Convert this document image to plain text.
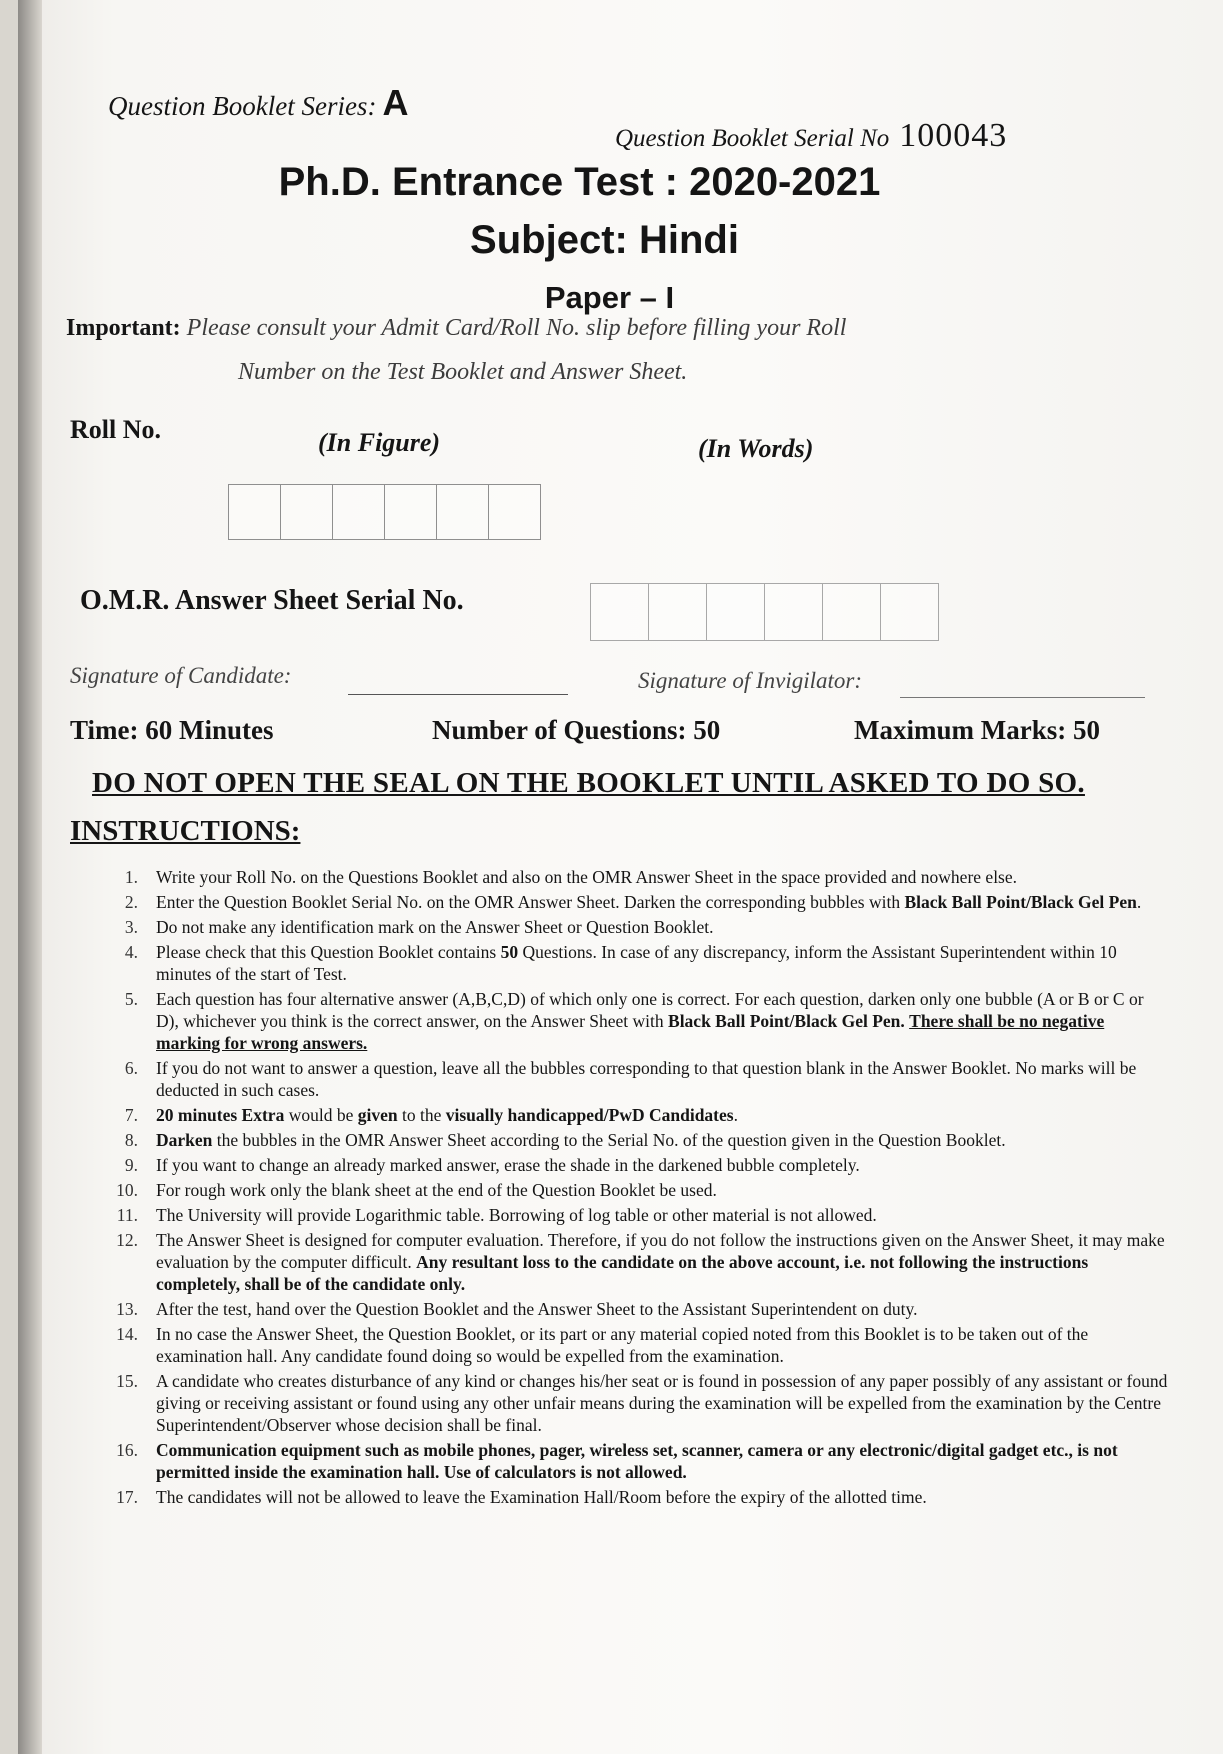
Question Booklet Series: A
Question Booklet Serial No 100043
Ph.D. Entrance Test : 2020-2021
Subject: Hindi
Paper – I
Important: Please consult your Admit Card/Roll No. slip before filling your Roll
Number on the Test Booklet and Answer Sheet.
Roll No.	(In Figure)	(In Words)
O.M.R. Answer Sheet Serial No.
Signature of Candidate:	Signature of Invigilator:
Time: 60 Minutes	Number of Questions: 50	Maximum Marks: 50
DO NOT OPEN THE SEAL ON THE BOOKLET UNTIL ASKED TO DO SO.
INSTRUCTIONS:
1. Write your Roll No. on the Questions Booklet and also on the OMR Answer Sheet in the space provided and nowhere else.
2. Enter the Question Booklet Serial No. on the OMR Answer Sheet. Darken the corresponding bubbles with Black Ball Point/Black Gel Pen.
3. Do not make any identification mark on the Answer Sheet or Question Booklet.
4. Please check that this Question Booklet contains 50 Questions. In case of any discrepancy, inform the Assistant Superintendent within 10 minutes of the start of Test.
5. Each question has four alternative answer (A,B,C,D) of which only one is correct. For each question, darken only one bubble (A or B or C or D), whichever you think is the correct answer, on the Answer Sheet with Black Ball Point/Black Gel Pen. There shall be no negative marking for wrong answers.
6. If you do not want to answer a question, leave all the bubbles corresponding to that question blank in the Answer Booklet. No marks will be deducted in such cases.
7. 20 minutes Extra would be given to the visually handicapped/PwD Candidates.
8. Darken the bubbles in the OMR Answer Sheet according to the Serial No. of the question given in the Question Booklet.
9. If you want to change an already marked answer, erase the shade in the darkened bubble completely.
10. For rough work only the blank sheet at the end of the Question Booklet be used.
11. The University will provide Logarithmic table. Borrowing of log table or other material is not allowed.
12. The Answer Sheet is designed for computer evaluation. Therefore, if you do not follow the instructions given on the Answer Sheet, it may make evaluation by the computer difficult. Any resultant loss to the candidate on the above account, i.e. not following the instructions completely, shall be of the candidate only.
13. After the test, hand over the Question Booklet and the Answer Sheet to the Assistant Superintendent on duty.
14. In no case the Answer Sheet, the Question Booklet, or its part or any material copied noted from this Booklet is to be taken out of the examination hall. Any candidate found doing so would be expelled from the examination.
15. A candidate who creates disturbance of any kind or changes his/her seat or is found in possession of any paper possibly of any assistant or found giving or receiving assistant or found using any other unfair means during the examination will be expelled from the examination by the Centre Superintendent/Observer whose decision shall be final.
16. Communication equipment such as mobile phones, pager, wireless set, scanner, camera or any electronic/digital gadget etc., is not permitted inside the examination hall. Use of calculators is not allowed.
17. The candidates will not be allowed to leave the Examination Hall/Room before the expiry of the allotted time.
